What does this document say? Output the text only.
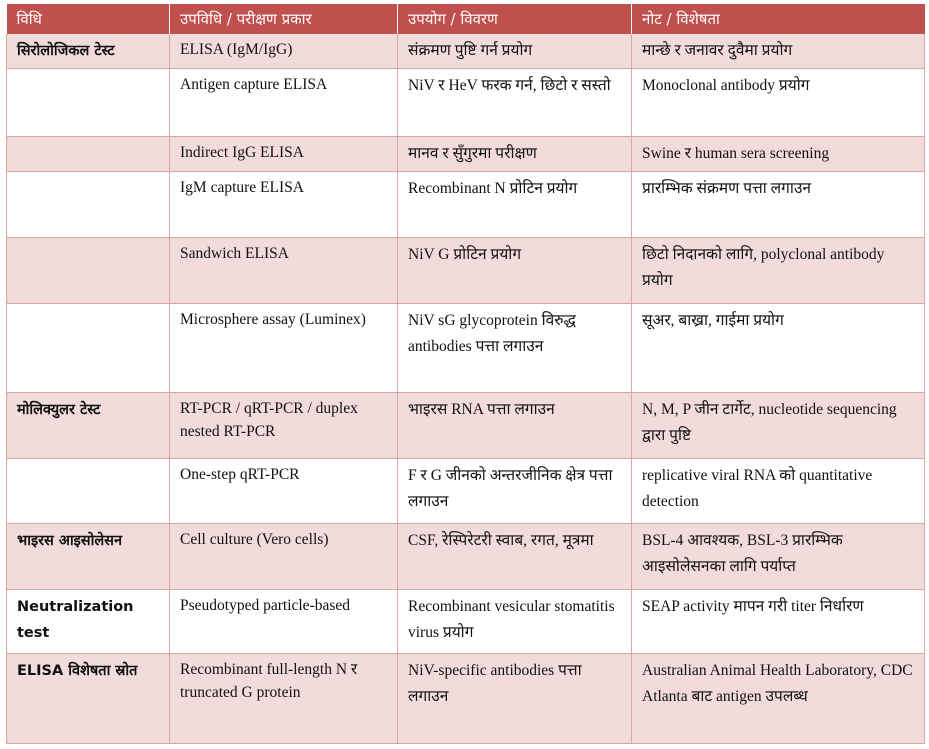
विधि	उपविधि / परीक्षण प्रकार	उपयोग / विवरण	नोट / विशेषता
सिरोलोजिकल टेस्ट	ELISA (IgM/IgG)	संक्रमण पुष्टि गर्न प्रयोग	मान्छे र जनावर दुवैमा प्रयोग
	Antigen capture ELISA	NiV र HeV फरक गर्न, छिटो र सस्तो	Monoclonal antibody प्रयोग
	Indirect IgG ELISA	मानव र सुँगुरमा परीक्षण	Swine र human sera screening
	IgM capture ELISA	Recombinant N प्रोटिन प्रयोग	प्रारम्भिक संक्रमण पत्ता लगाउन
	Sandwich ELISA	NiV G प्रोटिन प्रयोग	छिटो निदानको लागि, polyclonal antibody प्रयोग
	Microsphere assay (Luminex)	NiV sG glycoprotein विरुद्ध antibodies पत्ता लगाउन	सूअर, बाख्रा, गाईमा प्रयोग
मोलिक्युलर टेस्ट	RT-PCR / qRT-PCR / duplex nested RT-PCR	भाइरस RNA पत्ता लगाउन	N, M, P जीन टार्गेट, nucleotide sequencing द्वारा पुष्टि
	One-step qRT-PCR	F र G जीनको अन्तरजीनिक क्षेत्र पत्ता लगाउन	replicative viral RNA को quantitative detection
भाइरस आइसोलेसन	Cell culture (Vero cells)	CSF, रेस्पिरेटरी स्वाब, रगत, मूत्रमा	BSL-4 आवश्यक, BSL-3 प्रारम्भिक आइसोलेसनका लागि पर्याप्त
Neutralization test	Pseudotyped particle-based	Recombinant vesicular stomatitis virus प्रयोग	SEAP activity मापन गरी titer निर्धारण
ELISA विशेषता स्रोत	Recombinant full-length N र truncated G protein	NiV-specific antibodies पत्ता लगाउन	Australian Animal Health Laboratory, CDC Atlanta बाट antigen उपलब्ध
